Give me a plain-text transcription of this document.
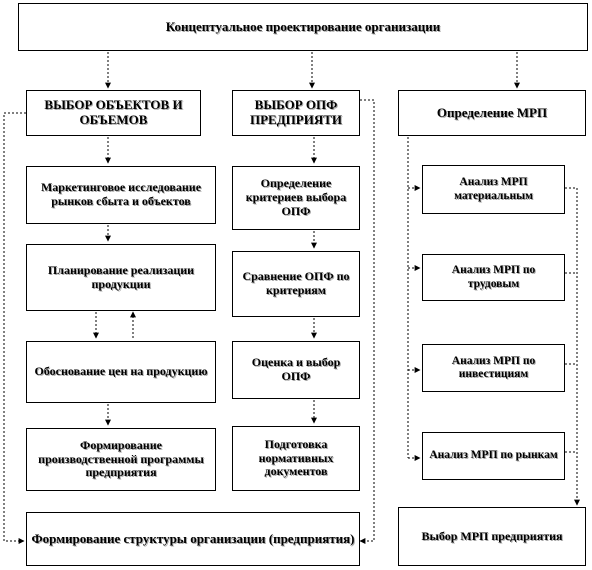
Концептуальное проектирование организации
ВЫБОР ОБЪЕКТОВ И ОБЪЕМОВ
Маркетинговое исследование рынков сбыта и объектов
Планирование реализации продукции
Обоснование цен на продукцию
Формирование производственной программы предприятия
ВЫБОР ОПФ ПРЕДПРИЯТИ
Определение критериев выбора ОПФ
Сравнение ОПФ по критериям
Оценка и выбор ОПФ
Подготовка нормативных документов
Определение МРП
Анализ МРП материальным
Анализ МРП по трудовым
Анализ МРП по инвестициям
Анализ МРП по рынкам
Выбор МРП предприятия
Формирование структуры организации (предприятия)
